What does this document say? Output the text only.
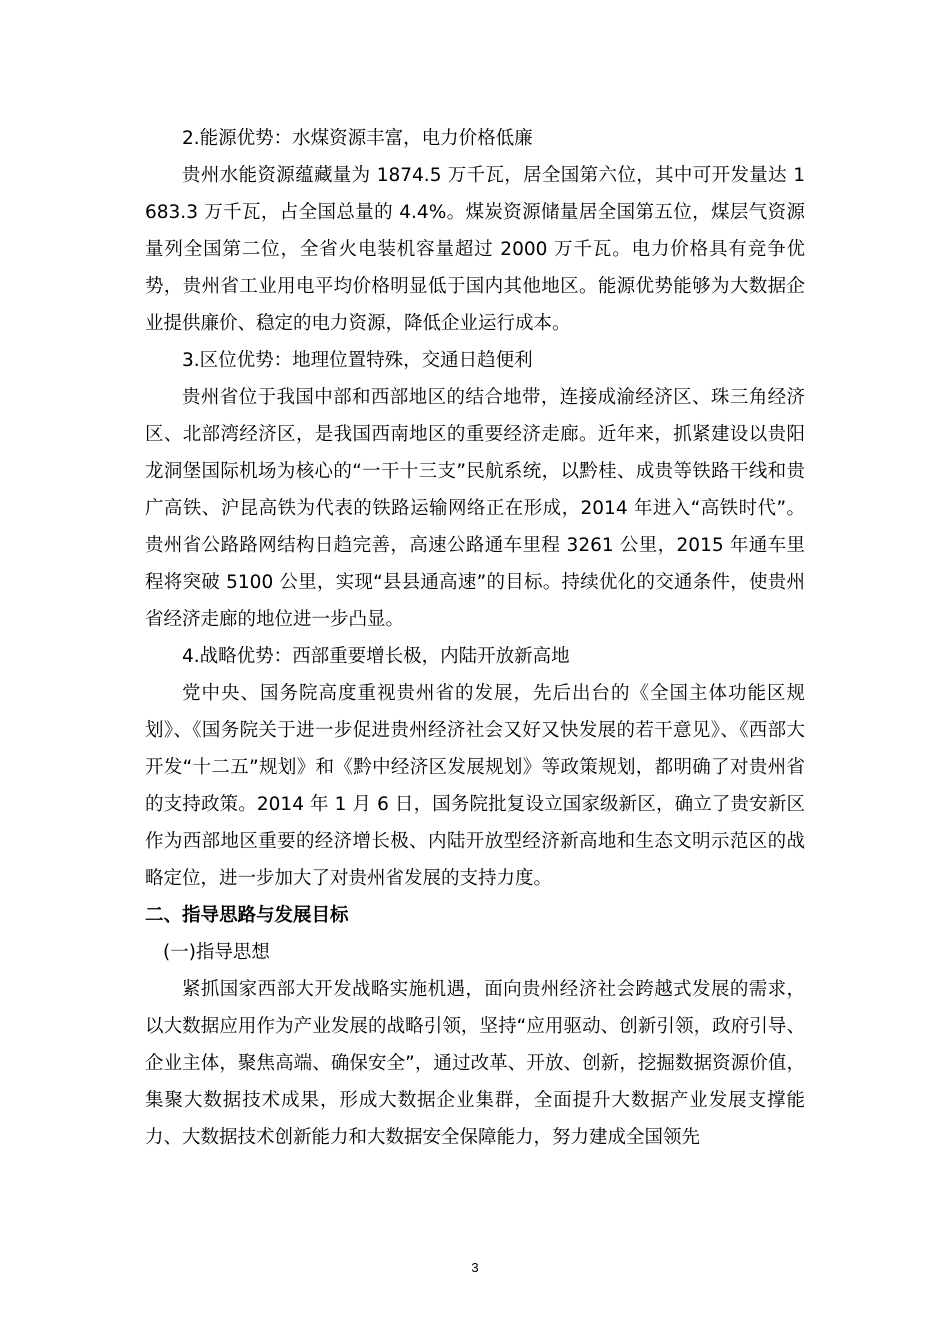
2.能源优势：水煤资源丰富，电力价格低廉

贵州水能资源蕴藏量为 1874.5 万千瓦，居全国第六位，其中可开发量达 1683.3 万千瓦，占全国总量的 4.4%。煤炭资源储量居全国第五位，煤层气资源量列全国第二位，全省火电装机容量超过 2000 万千瓦。电力价格具有竞争优势，贵州省工业用电平均价格明显低于国内其他地区。能源优势能够为大数据企业提供廉价、稳定的电力资源，降低企业运行成本。

3.区位优势：地理位置特殊，交通日趋便利

贵州省位于我国中部和西部地区的结合地带，连接成渝经济区、珠三角经济区、北部湾经济区，是我国西南地区的重要经济走廊。近年来，抓紧建设以贵阳龙洞堡国际机场为核心的“一干十三支”民航系统，以黔桂、成贵等铁路干线和贵广高铁、沪昆高铁为代表的铁路运输网络正在形成，2014 年进入“高铁时代”。贵州省公路路网结构日趋完善，高速公路通车里程 3261 公里，2015 年通车里程将突破 5100 公里，实现“县县通高速”的目标。持续优化的交通条件，使贵州省经济走廊的地位进一步凸显。

4.战略优势：西部重要增长极，内陆开放新高地

党中央、国务院高度重视贵州省的发展，先后出台的《全国主体功能区规划》、《国务院关于进一步促进贵州经济社会又好又快发展的若干意见》、《西部大开发“十二五”规划》和《黔中经济区发展规划》等政策规划，都明确了对贵州省的支持政策。2014 年 1 月 6 日，国务院批复设立国家级新区，确立了贵安新区作为西部地区重要的经济增长极、内陆开放型经济新高地和生态文明示范区的战略定位，进一步加大了对贵州省发展的支持力度。

二、指导思路与发展目标

(一)指导思想

紧抓国家西部大开发战略实施机遇，面向贵州经济社会跨越式发展的需求，以大数据应用作为产业发展的战略引领，坚持“应用驱动、创新引领，政府引导、企业主体，聚焦高端、确保安全”，通过改革、开放、创新，挖掘数据资源价值，集聚大数据技术成果，形成大数据企业集群，全面提升大数据产业发展支撑能力、大数据技术创新能力和大数据安全保障能力，努力建成全国领先

3
